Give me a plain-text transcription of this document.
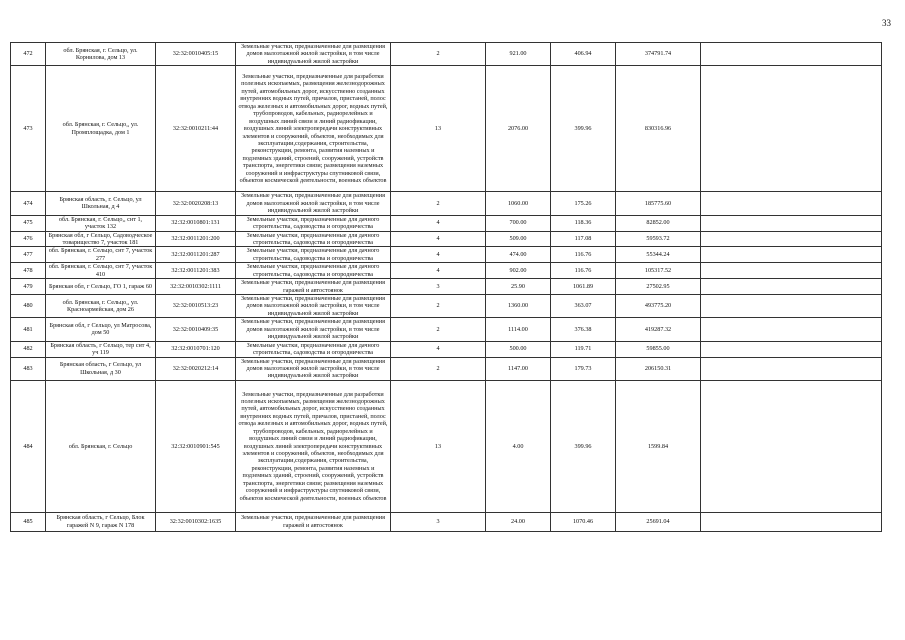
33
472	обл. Брянская, г. Сельцо, ул. Корнилова, дом 13	32:32:0010405:15	Земельные участки, предназначенные для размещения домов малоэтажной жилой застройки, в том числе индивидуальной жилой застройки	2	921.00	406.94	374791.74	
473	обл. Брянская, г. Сельцо,, ул. Промплощадка, дом 1	32:32:0010211:44	Земельные участки, предназначенные для разработки полезных ископаемых, размещения железнодорожных путей, автомобильных дорог, искусственно созданных внутренних водных путей, причалов, пристаней, полос отвода железных и автомобильных дорог, водных путей, трубопроводов, кабельных, радиорелейных и воздушных линий связи и линий радиофикации, воздушных линий электропередачи конструктивных элементов и сооружений, объектов, необходимых для эксплуатации,содержания, строительства, реконструкции, ремонта, развития наземных и подземных зданий, строений, сооружений, устройств транспорта, энергетики связи; размещения наземных сооружений и инфраструктуры спутниковой связи, объектов космической деятельности, военных объектов	13	2076.00	399.96	830316.96	
474	Брянская область, г. Сельцо, ул Школьная, д 4	32:32:0020208:13	Земельные участки, предназначенные для размещения домов малоэтажной жилой застройки, в том числе индивидуальной жилой застройки	2	1060.00	175.26	185775.60	
475	обл. Брянская, г. Сельцо,, снт 1, участок 132	32:32:0010801:131	Земельные участки, предназначенные для дачного строительства, садоводства и огородничества	4	700.00	118.36	82852.00	
476	Брянская обл, г Сельцо, Садоводческое товарищество 7, участок 181	32:32:0011201:200	Земельные участки, предназначенные для дачного строительства, садоводства и огородничества	4	509.00	117.08	59593.72	
477	обл. Брянская, г. Сельцо, снт 7, участок 277	32:32:0011201:287	Земельные участки, предназначенные для дачного строительства, садоводства и огородничества	4	474.00	116.76	55344.24	
478	обл. Брянская, г. Сельцо, снт 7, участок 410	32:32:0011201:383	Земельные участки, предназначенные для дачного строительства, садоводства и огородничества	4	902.00	116.76	105317.52	
479	Брянская обл, г Сельцо, ГО 1, гараж 60	32:32:0010302:1111	Земельные участки, предназначенные для размещения гаражей и автостоянок	3	25.90	1061.89	27502.95	
480	обл. Брянская, г. Сельцо,, ул. Красноармейская, дом 26	32:32:0010513:23	Земельные участки, предназначенные для размещения домов малоэтажной жилой застройки, в том числе индивидуальной жилой застройки	2	1360.00	363.07	493775.20	
481	Брянская обл, г Сельцо, ул Матросова, дом 50	32:32:0010409:35	Земельные участки, предназначенные для размещения домов малоэтажной жилой застройки, в том числе индивидуальной жилой застройки	2	1114.00	376.38	419287.32	
482	Брянская область, г Сельцо, тер снт 4, уч 119	32:32:0010701:120	Земельные участки, предназначенные для дачного строительства, садоводства и огородничества	4	500.00	119.71	59855.00	
483	Брянская область, г Сельцо, ул Школьная, д 30	32:32:0020212:14	Земельные участки, предназначенные для размещения домов малоэтажной жилой застройки, в том числе индивидуальной жилой застройки	2	1147.00	179.73	206150.31	
484	обл. Брянская, г. Сельцо	32:32:0010901:545	Земельные участки, предназначенные для разработки полезных ископаемых, размещения железнодорожных путей, автомобильных дорог, искусственно созданных внутренних водных путей, причалов, пристаней, полос отвода железных и автомобильных дорог, водных путей, трубопроводов, кабельных, радиорелейных и воздушных линий связи и линий радиофикации, воздушных линий электропередачи конструктивных элементов и сооружений, объектов, необходимых для эксплуатации,содержания, строительства, реконструкции, ремонта, развития наземных и подземных зданий, строений, сооружений, устройств транспорта, энергетики связи; размещения наземных сооружений и инфраструктуры спутниковой связи, объектов космической деятельности, военных объектов	13	4.00	399.96	1599.84	
485	Брянская область, г Сельцо, Блок гаражей N 9, гараж N 178	32:32:0010302:1635	Земельные участки, предназначенные для размещения гаражей и автостоянок	3	24.00	1070.46	25691.04	
